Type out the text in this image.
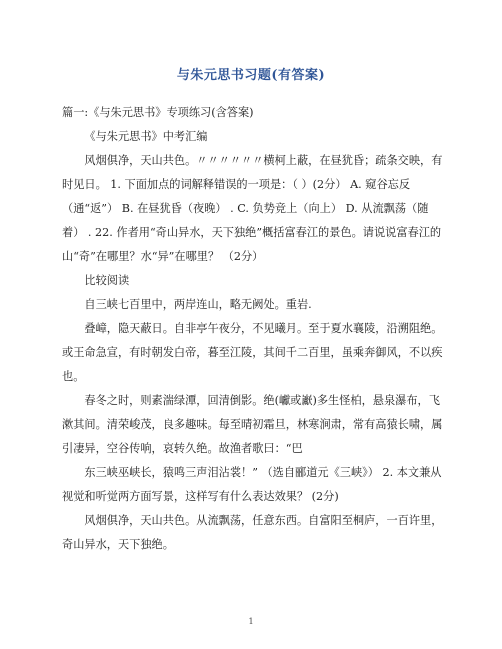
与朱元思书习题(有答案)

篇一:《与朱元思书》专项练习(含答案)

《与朱元思书》中考汇编

风烟俱净，天山共色。〃〃〃〃〃〃横柯上蔽，在昼犹昏；疏条交映，有时见日。 1. 下面加点的词解释错误的一项是：（ ）(2分） A. 窥谷忘反（通“返”） B. 在昼犹昏（夜晚） . C. 负势竞上（向上） D. 从流飘荡（随着） . 22. 作者用“奇山异水，天下独绝”概括富春江的景色。请说说富春江的山“奇”在哪里？水“异”在哪里？ （2分）

比较阅读

自三峡七百里中，两岸连山，略无阙处。重岩.

叠嶂，隐天蔽日。自非亭午夜分，不见曦月。至于夏水襄陵，沿溯阻绝。或王命急宣，有时朝发白帝，暮至江陵，其间千二百里，虽乘奔御风，不以疾也。

春冬之时，则素湍绿潭，回清倒影。绝(巘或巚)多生怪柏，悬泉瀑布，飞漱其间。清荣峻茂，良多趣味。每至晴初霜旦，林寒涧肃，常有高猿长啸，属引凄异，空谷传响，哀转久绝。故渔者歌曰：“巴

东三峡巫峡长，猿鸣三声泪沾裳！” （选自郦道元《三峡》） 2. 本文兼从视觉和听觉两方面写景，这样写有什么表达效果？ (2分)

风烟俱净，天山共色。从流飘荡，任意东西。自富阳至桐庐，一百许里，奇山异水，天下独绝。

1
